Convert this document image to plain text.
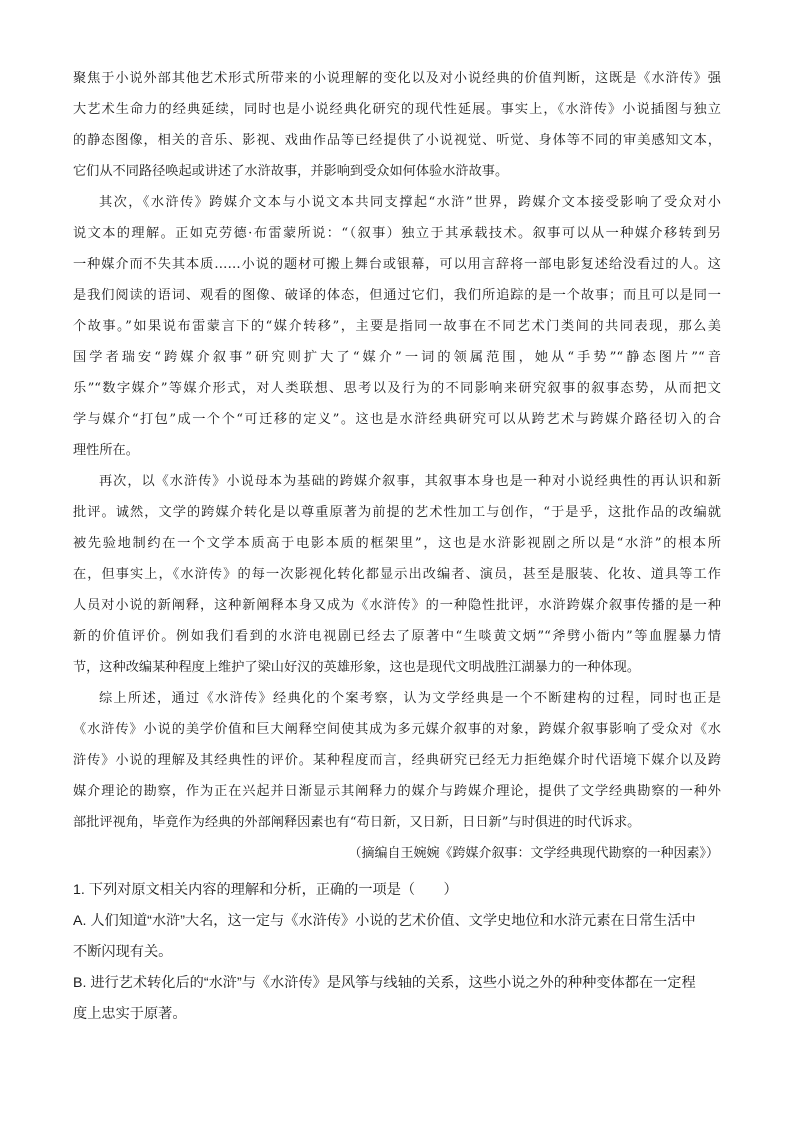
聚焦于小说外部其他艺术形式所带来的小说理解的变化以及对小说经典的价值判断，这既是《水浒传》强
大艺术生命力的经典延续，同时也是小说经典化研究的现代性延展。事实上，《水浒传》小说插图与独立
的静态图像，相关的音乐、影视、戏曲作品等已经提供了小说视觉、听觉、身体等不同的审美感知文本，
它们从不同路径唤起或讲述了水浒故事，并影响到受众如何体验水浒故事。
其次，《水浒传》跨媒介文本与小说文本共同支撑起“水浒”世界，跨媒介文本接受影响了受众对小
说文本的理解。正如克劳德·布雷蒙所说：“（叙事）独立于其承载技术。叙事可以从一种媒介移转到另
一种媒介而不失其本质……小说的题材可搬上舞台或银幕，可以用言辞将一部电影复述给没看过的人。这
是我们阅读的语词、观看的图像、破译的体态，但通过它们，我们所追踪的是一个故事；而且可以是同一
个故事。”如果说布雷蒙言下的“媒介转移”，主要是指同一故事在不同艺术门类间的共同表现，那么美
国学者瑞安“跨媒介叙事”研究则扩大了“媒介”一词的领属范围，她从“手势”“静态图片”“音
乐”“数字媒介”等媒介形式，对人类联想、思考以及行为的不同影响来研究叙事的叙事态势，从而把文
学与媒介“打包”成一个个“可迁移的定义”。这也是水浒经典研究可以从跨艺术与跨媒介路径切入的合
理性所在。
再次，以《水浒传》小说母本为基础的跨媒介叙事，其叙事本身也是一种对小说经典性的再认识和新
批评。诚然，文学的跨媒介转化是以尊重原著为前提的艺术性加工与创作，“于是乎，这批作品的改编就
被先验地制约在一个文学本质高于电影本质的框架里”，这也是水浒影视剧之所以是“水浒”的根本所
在，但事实上，《水浒传》的每一次影视化转化都显示出改编者、演员，甚至是服装、化妆、道具等工作
人员对小说的新阐释，这种新阐释本身又成为《水浒传》的一种隐性批评，水浒跨媒介叙事传播的是一种
新的价值评价。例如我们看到的水浒电视剧已经去了原著中“生啖黄文炳”“斧劈小衙内”等血腥暴力情
节，这种改编某种程度上维护了梁山好汉的英雄形象，这也是现代文明战胜江湖暴力的一种体现。
综上所述，通过《水浒传》经典化的个案考察，认为文学经典是一个不断建构的过程，同时也正是
《水浒传》小说的美学价值和巨大阐释空间使其成为多元媒介叙事的对象，跨媒介叙事影响了受众对《水
浒传》小说的理解及其经典性的评价。某种程度而言，经典研究已经无力拒绝媒介时代语境下媒介以及跨
媒介理论的勘察，作为正在兴起并日渐显示其阐释力的媒介与跨媒介理论，提供了文学经典勘察的一种外
部批评视角，毕竟作为经典的外部阐释因素也有“苟日新，又日新，日日新”与时俱进的时代诉求。
（摘编自王婉婉《跨媒介叙事：文学经典现代勘察的一种因素》）
1. 下列对原文相关内容的理解和分析，正确的一项是（　　）
A. 人们知道“水浒”大名，这一定与《水浒传》小说的艺术价值、文学史地位和水浒元素在日常生活中
不断闪现有关。
B. 进行艺术转化后的“水浒”与《水浒传》是风筝与线轴的关系，这些小说之外的种种变体都在一定程
度上忠实于原著。
